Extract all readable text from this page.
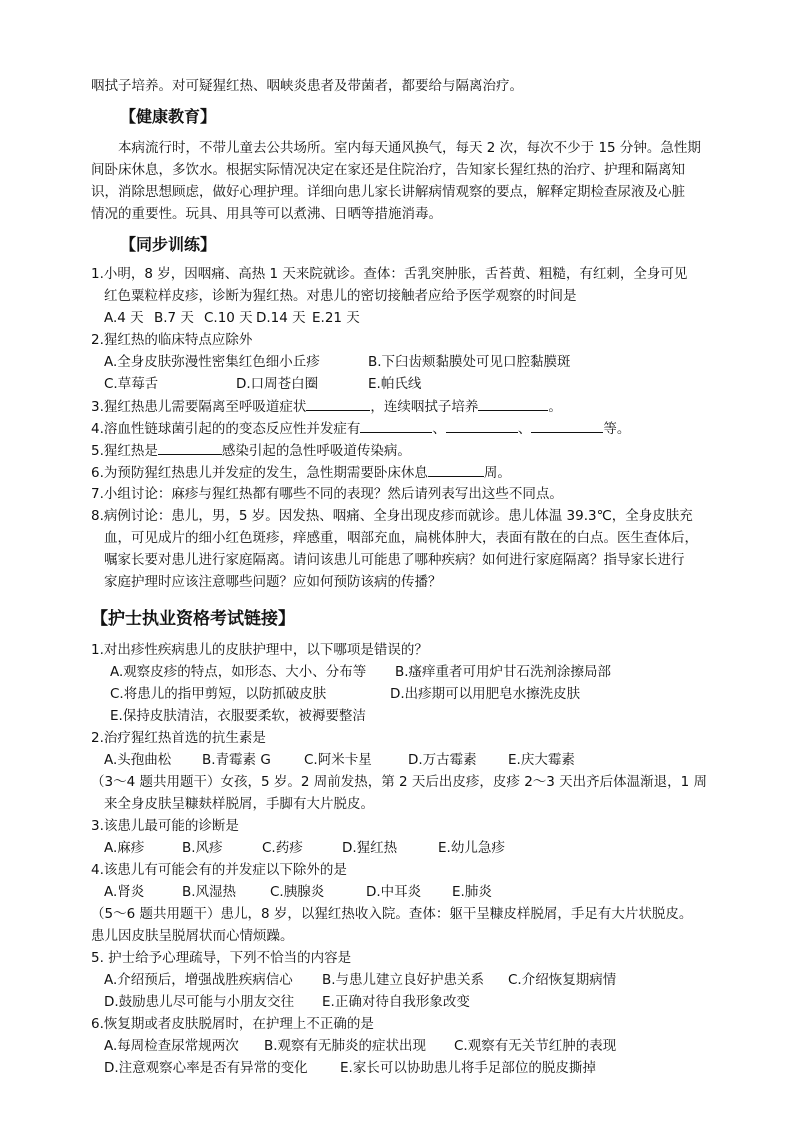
咽拭子培养。对可疑猩红热、咽峡炎患者及带菌者，都要给与隔离治疗。
【健康教育】
本病流行时，不带儿童去公共场所。室内每天通风换气，每天 2 次，每次不少于 15 分钟。急性期
间卧床休息，多饮水。根据实际情况决定在家还是住院治疗，告知家长猩红热的治疗、护理和隔离知
识，消除思想顾虑，做好心理护理。详细向患儿家长讲解病情观察的要点，解释定期检查尿液及心脏
情况的重要性。玩具、用具等可以煮沸、日晒等措施消毒。
【同步训练】
1.小明，8 岁，因咽痛、高热 1 天来院就诊。查体：舌乳突肿胀，舌苔黄、粗糙，有红刺，全身可见
红色粟粒样皮疹，诊断为猩红热。对患儿的密切接触者应给予医学观察的时间是
A.4 天 B.7 天 C.10 天 D.14 天 E.21 天
2.猩红热的临床特点应除外
A.全身皮肤弥漫性密集红色细小丘疹	B.下臼齿颊黏膜处可见口腔黏膜斑
C.草莓舌	D.口周苍白圈	E.帕氏线
3.猩红热患儿需要隔离至呼吸道症状	，连续咽拭子培养	。
4.溶血性链球菌引起的的变态反应性并发症有	、	、	等。
5.猩红热是	感染引起的急性呼吸道传染病。
6.为预防猩红热患儿并发症的发生，急性期需要卧床休息	周。
7.小组讨论：麻疹与猩红热都有哪些不同的表现？然后请列表写出这些不同点。
8.病例讨论：患儿，男，5 岁。因发热、咽痛、全身出现皮疹而就诊。患儿体温 39.3℃，全身皮肤充
血，可见成片的细小红色斑疹，痒感重，咽部充血，扁桃体肿大，表面有散在的白点。医生查体后，
嘱家长要对患儿进行家庭隔离。请问该患儿可能患了哪种疾病？如何进行家庭隔离？指导家长进行
家庭护理时应该注意哪些问题？应如何预防该病的传播？
【护士执业资格考试链接】
1.对出疹性疾病患儿的皮肤护理中，以下哪项是错误的？
A.观察皮疹的特点，如形态、大小、分布等 B.瘙痒重者可用炉甘石洗剂涂擦局部
C.将患儿的指甲剪短，以防抓破皮肤	D.出疹期可以用肥皂水擦洗皮肤
E.保持皮肤清洁，衣服要柔软，被褥要整洁
2.治疗猩红热首选的抗生素是
A.头孢曲松 B.青霉素 G C.阿米卡星	D.万古霉素 E.庆大霉素
（3～4 题共用题干）女孩，5 岁。2 周前发热，第 2 天后出皮疹，皮疹 2～3 天出齐后体温渐退，1 周
来全身皮肤呈糠麸样脱屑，手脚有大片脱皮。
3.该患儿最可能的诊断是
A.麻疹	B.风疹	C.药疹	D.猩红热	E.幼儿急疹
4.该患儿有可能会有的并发症以下除外的是
A.肾炎	B.风湿热	C.胰腺炎	D.中耳炎 E.肺炎
（5～6 题共用题干）患儿，8 岁，以猩红热收入院。查体：躯干呈糠皮样脱屑，手足有大片状脱皮。
患儿因皮肤呈脱屑状而心情烦躁。
5. 护士给予心理疏导，下列不恰当的内容是
A.介绍预后，增强战胜疾病信心 B.与患儿建立良好护患关系 C.介绍恢复期病情
D.鼓励患儿尽可能与小朋友交往 E.正确对待自我形象改变
6.恢复期或者皮肤脱屑时，在护理上不正确的是
A.每周检查尿常规两次 B.观察有无肺炎的症状出现 C.观察有无关节红肿的表现
D.注意观察心率是否有异常的变化 E.家长可以协助患儿将手足部位的脱皮撕掉
